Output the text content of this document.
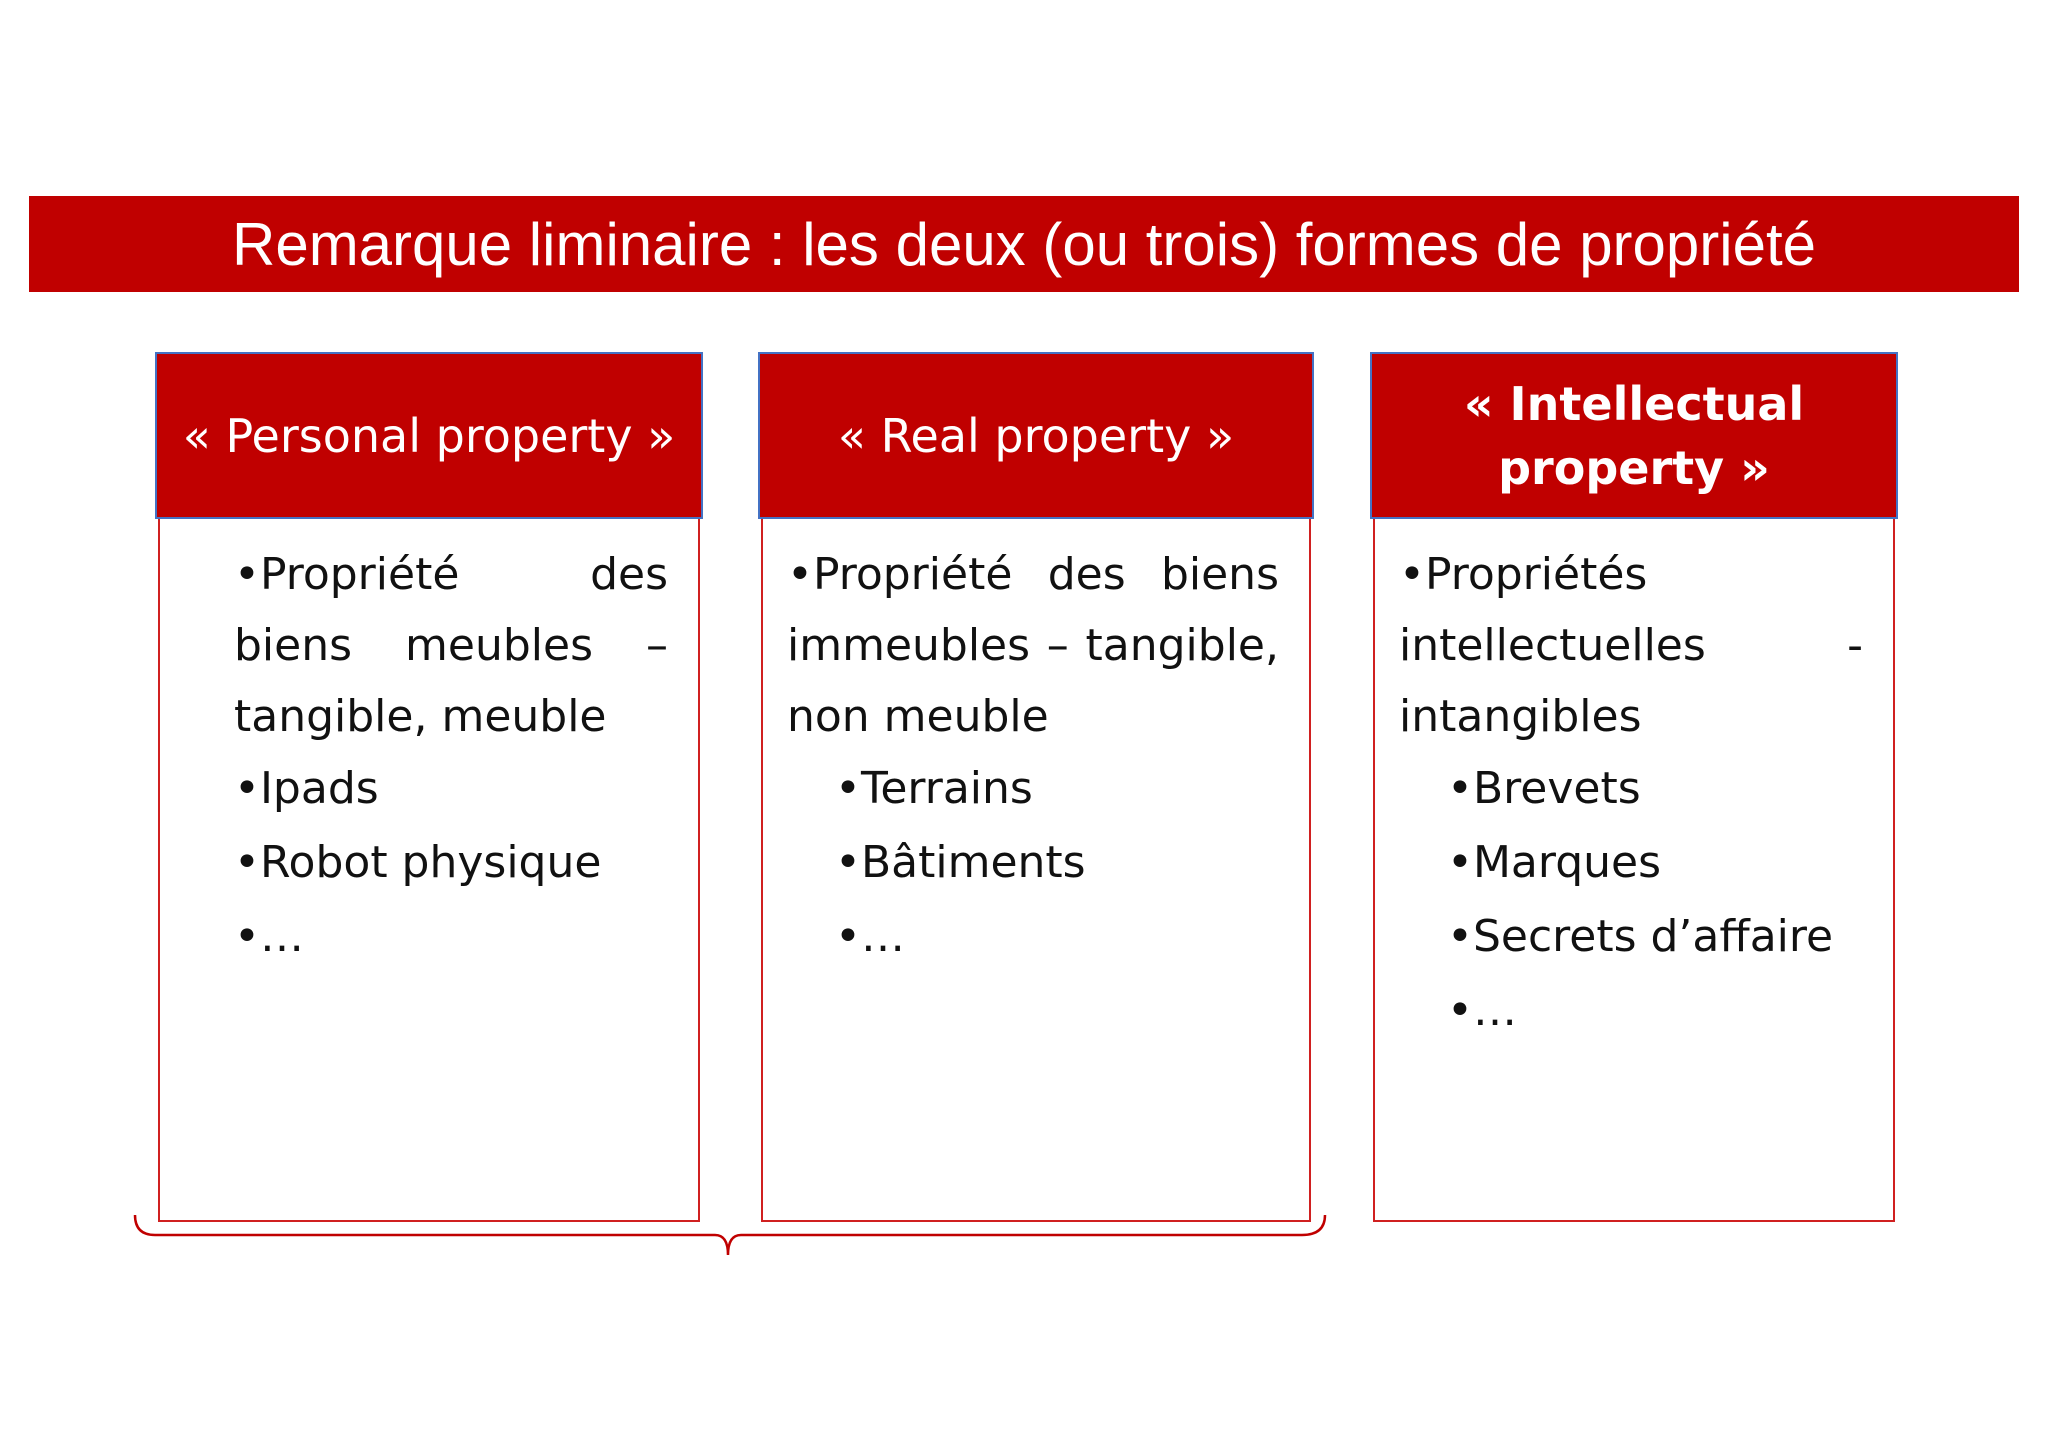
Remarque liminaire : les deux (ou trois) formes de propriété
« Personal property »
•Propriété des biens meubles – tangible, meuble
•Ipads
•Robot physique
•…
« Real property »
•Propriété des biens immeubles – tangible, non meuble
•Terrains
•Bâtiments
•…
« Intellectual property »
•Propriétés intellectuelles - intangibles
•Brevets
•Marques
•Secrets d’affaire
•…
